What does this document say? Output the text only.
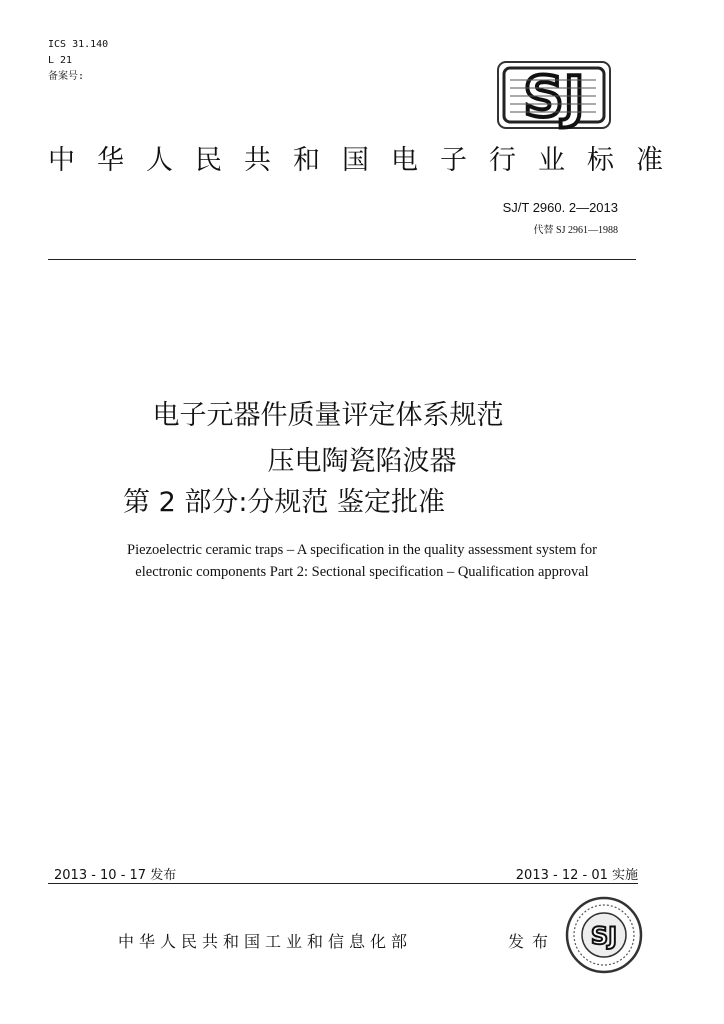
ICS 31.140
L 21
备案号:	SJ
中华人民共和国电子行业标准
SJ/T 2960. 2—2013
代替 SJ 2961—1988
电子元器件质量评定体系规范
压电陶瓷陷波器
第 2 部分:分规范 鉴定批准
Piezoelectric ceramic traps – A specification in the quality assessment system for
electronic components Part 2: Sectional specification – Qualification approval
2013 - 10 - 17 发布	2013 - 12 - 01 实施
中华人民共和国工业和信息化部	发布 SJ
